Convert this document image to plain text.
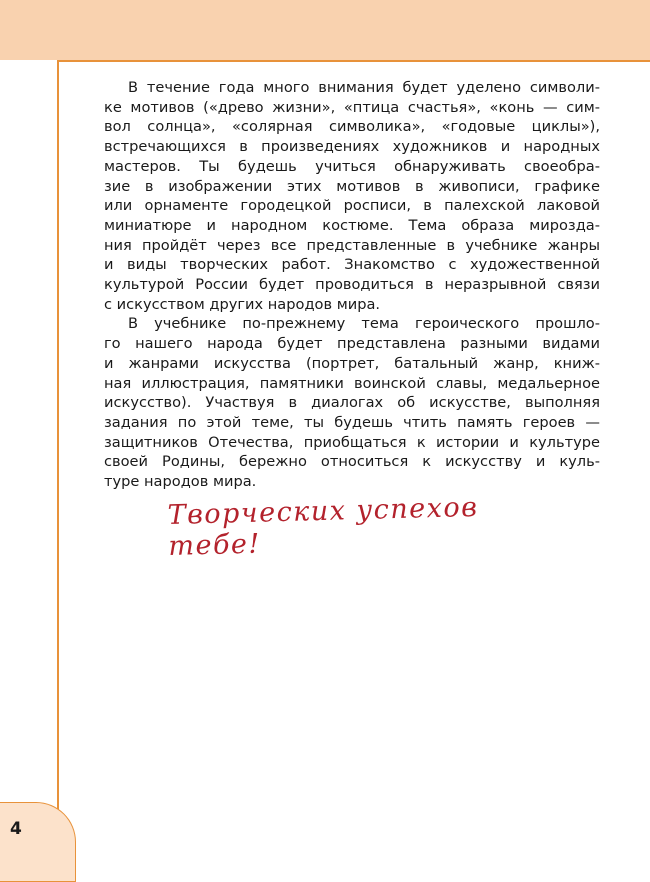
В течение года много внимания будет уделено символи-
ке мотивов («древо жизни», «птица счастья», «конь — сим-
вол солнца», «солярная символика», «годовые циклы»),
встречающихся в произведениях художников и народных
мастеров. Ты будешь учиться обнаруживать своеобра-
зие в изображении этих мотивов в живописи, графике
или орнаменте городецкой росписи, в палехской лаковой
миниатюре и народном костюме. Тема образа мирозда-
ния пройдёт через все представленные в учебнике жанры
и виды творческих работ. Знакомство с художественной
культурой России будет проводиться в неразрывной связи
с искусством других народов мира.

В учебнике по-прежнему тема героического прошло-
го нашего народа будет представлена разными видами
и жанрами искусства (портрет, батальный жанр, книж-
ная иллюстрация, памятники воинской славы, медальерное
искусство). Участвуя в диалогах об искусстве, выполняя
задания по этой теме, ты будешь чтить память героев —
защитников Отечества, приобщаться к истории и культуре
своей Родины, бережно относиться к искусству и куль-
туре народов мира.

Творческих успехов тебе!
4
